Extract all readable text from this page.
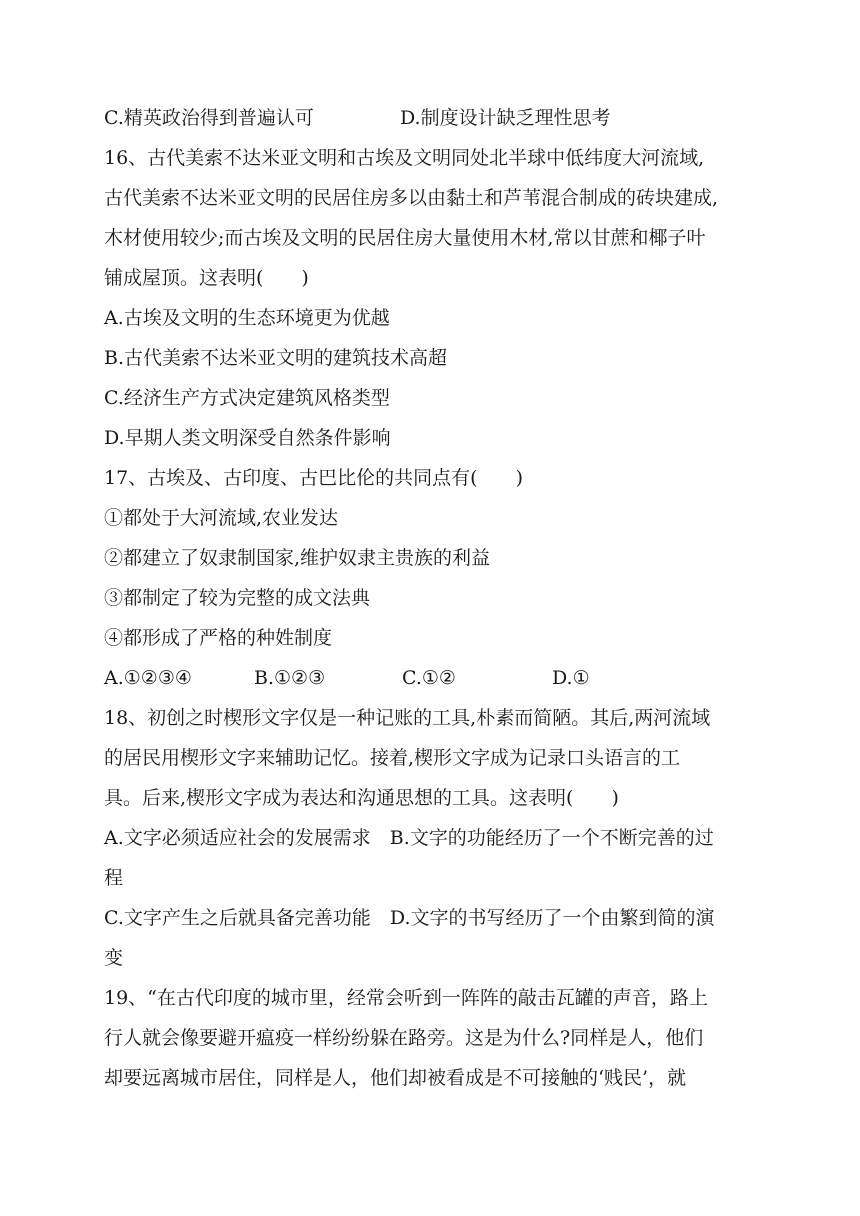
C.精英政治得到普遍认可	D.制度设计缺乏理性思考
16、古代美索不达米亚文明和古埃及文明同处北半球中低纬度大河流域,
古代美索不达米亚文明的民居住房多以由黏土和芦苇混合制成的砖块建成,
木材使用较少;而古埃及文明的民居住房大量使用木材,常以甘蔗和椰子叶
铺成屋顶。这表明(　　)
A.古埃及文明的生态环境更为优越
B.古代美索不达米亚文明的建筑技术高超
C.经济生产方式决定建筑风格类型
D.早期人类文明深受自然条件影响
17、古埃及、古印度、古巴比伦的共同点有(　　)
①都处于大河流域,农业发达
②都建立了奴隶制国家,维护奴隶主贵族的利益
③都制定了较为完整的成文法典
④都形成了严格的种姓制度
A.①②③④	B.①②③	C.①②	D.①
18、初创之时楔形文字仅是一种记账的工具,朴素而简陋。其后,两河流域
的居民用楔形文字来辅助记忆。接着,楔形文字成为记录口头语言的工
具。后来,楔形文字成为表达和沟通思想的工具。这表明(　　)
A.文字必须适应社会的发展需求　B.文字的功能经历了一个不断完善的过
程
C.文字产生之后就具备完善功能　D.文字的书写经历了一个由繁到简的演
变
19、“在古代印度的城市里，经常会听到一阵阵的敲击瓦罐的声音，路上
行人就会像要避开瘟疫一样纷纷躲在路旁。这是为什么?同样是人，他们
却要远离城市居住，同样是人，他们却被看成是不可接触的‘贱民’，就
